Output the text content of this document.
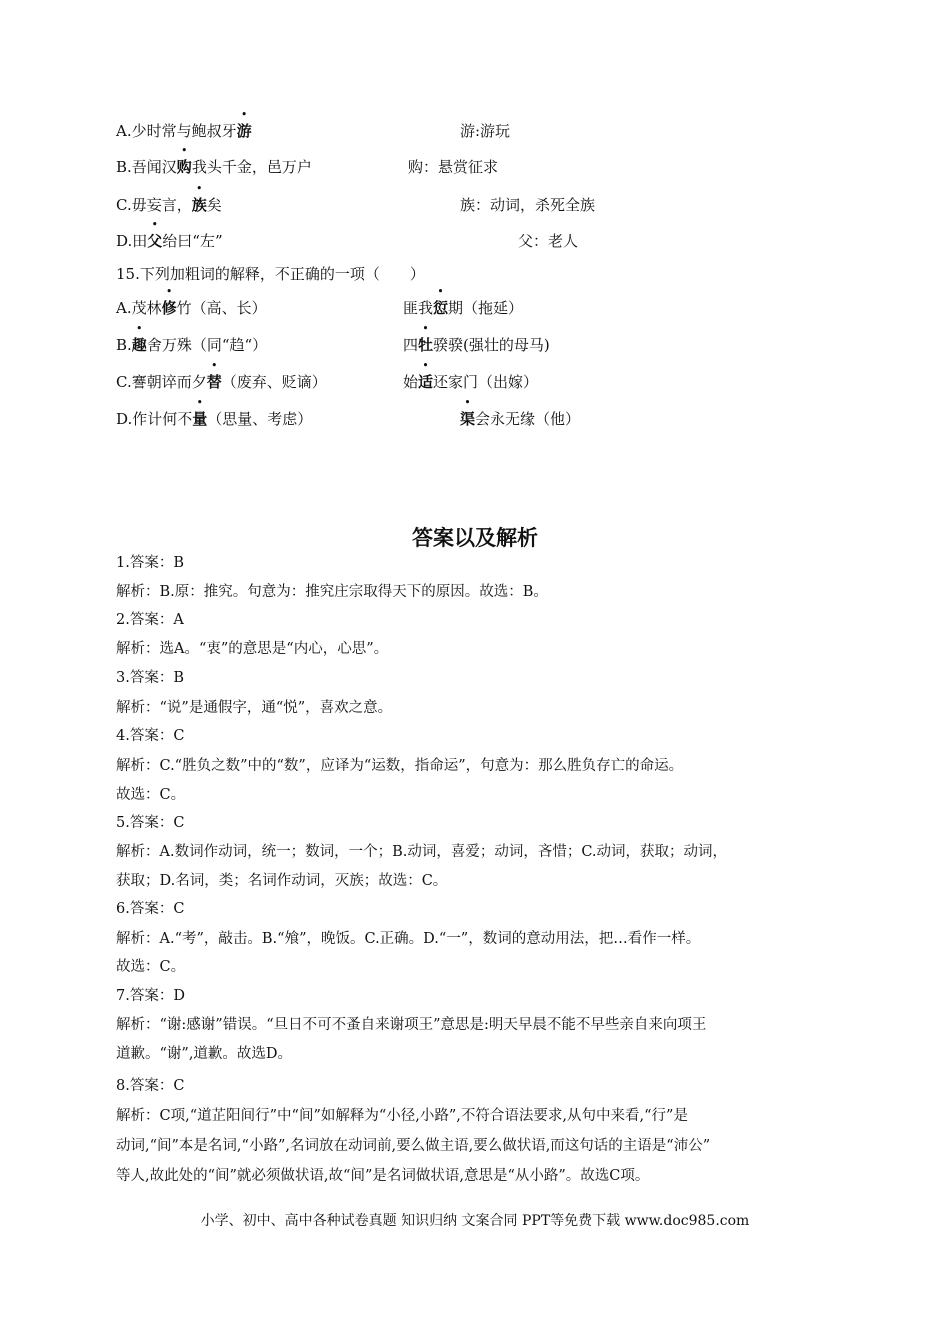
A.少时常与鲍叔牙游	游:游玩
B.吾闻汉购我头千金，邑万户	购：悬赏征求
C.毋妄言，族矣	族：动词，杀死全族
D.田父绐曰“左”	父：老人
15.下列加粗词的解释，不正确的一项（　　）
A.茂林修竹（高、长）	匪我愆期（拖延）
B.趣舍万殊（同“趋“）	四牡骙骙(强壮的母马)
C.謇朝谇而夕替（废弃、贬谪）	始适还家门（出嫁）
D.作计何不量（思量、考虑）	渠会永无缘（他）
答案以及解析
1.答案：B
解析：B.原：推究。句意为：推究庄宗取得天下的原因。故选：B。
2.答案：A
解析：选A。“衷”的意思是“内心，心思”。
3.答案：B
解析：“说”是通假字，通“悦”，喜欢之意。
4.答案：C
解析：C.“胜负之数”中的“数”，应译为“运数，指命运”，句意为：那么胜负存亡的命运。
故选：C。
5.答案：C
解析：A.数词作动词，统一；数词，一个；B.动词，喜爱；动词，吝惜；C.动词，获取；动词，
获取；D.名词，类；名词作动词，灭族；故选：C。
6.答案：C
解析：A.“考”，敲击。B.“飧”，晚饭。C.正确。D.“一”，数词的意动用法，把…看作一样。
故选：C。
7.答案：D
解析：“谢:感谢”错误。“旦日不可不蚤自来谢项王”意思是:明天早晨不能不早些亲自来向项王
道歉。“谢”,道歉。故选D。
8.答案：C
解析：C项,“道芷阳间行”中“间”如解释为“小径,小路”,不符合语法要求,从句中来看,“行”是
动词,“间”本是名词,“小路”,名词放在动词前,要么做主语,要么做状语,而这句话的主语是“沛公”
等人,故此处的“间”就必须做状语,故“间”是名词做状语,意思是“从小路”。故选C项。
小学、初中、高中各种试卷真题 知识归纳 文案合同 PPT等免费下载 www.doc985.com
